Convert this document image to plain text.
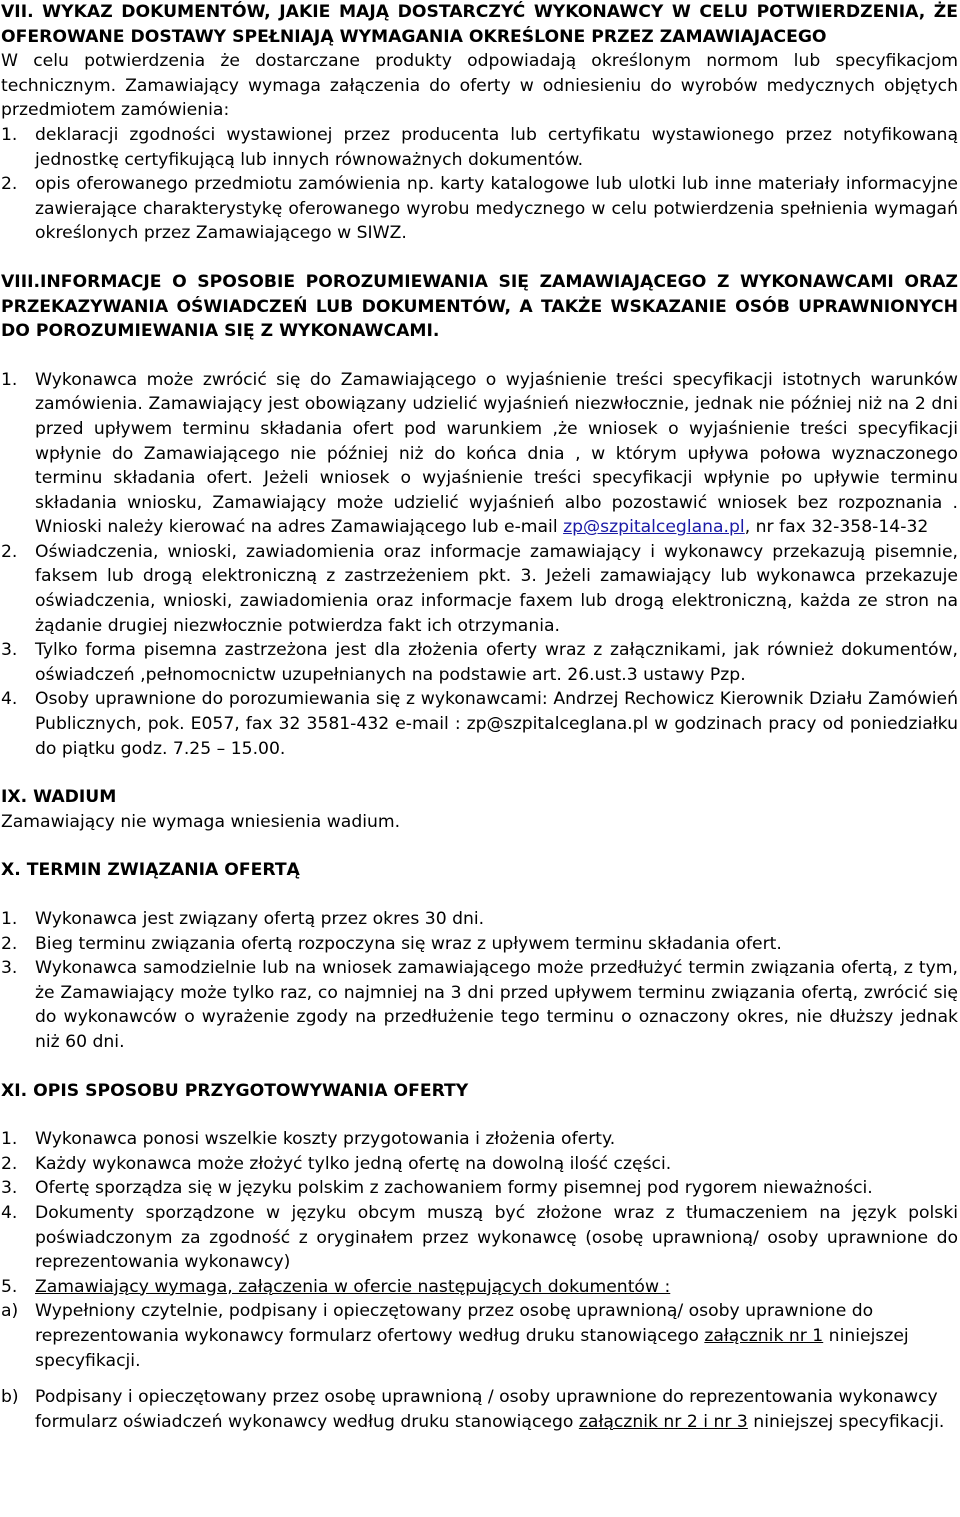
VII. WYKAZ DOKUMENTÓW, JAKIE MAJĄ DOSTARCZYĆ WYKONAWCY W CELU POTWIERDZENIA, ŻE OFEROWANE DOSTAWY SPEŁNIAJĄ WYMAGANIA OKREŚLONE PRZEZ ZAMAWIAJACEGO

W celu potwierdzenia że dostarczane produkty odpowiadają określonym normom lub specyfikacjom technicznym. Zamawiający wymaga załączenia do oferty w odniesieniu do wyrobów medycznych objętych przedmiotem zamówienia:

1.	deklaracji zgodności wystawionej przez producenta lub certyfikatu wystawionego przez notyfikowaną jednostkę certyfikującą lub innych równoważnych dokumentów.
2.	opis oferowanego przedmiotu zamówienia np. karty katalogowe lub ulotki lub inne materiały informacyjne zawierające charakterystykę oferowanego wyrobu medycznego w celu potwierdzenia spełnienia wymagań określonych przez Zamawiającego w SIWZ.
VIII.INFORMACJE O SPOSOBIE POROZUMIEWANIA SIĘ ZAMAWIAJĄCEGO Z WYKONAWCAMI ORAZ PRZEKAZYWANIA OŚWIADCZEŃ LUB DOKUMENTÓW, A TAKŻE WSKAZANIE OSÓB UPRAWNIONYCH DO POROZUMIEWANIA SIĘ Z WYKONAWCAMI.
1.	Wykonawca może zwrócić się do Zamawiającego o wyjaśnienie treści specyfikacji istotnych warunków zamówienia. Zamawiający jest obowiązany udzielić wyjaśnień niezwłocznie, jednak nie później niż na 2 dni przed upływem terminu składania ofert pod warunkiem ,że wniosek o wyjaśnienie treści specyfikacji wpłynie do Zamawiającego nie później niż do końca dnia , w którym upływa połowa wyznaczonego terminu składania ofert. Jeżeli wniosek o wyjaśnienie treści specyfikacji wpłynie po upływie terminu składania wniosku, Zamawiający może udzielić wyjaśnień albo pozostawić wniosek bez rozpoznania . Wnioski należy kierować na adres Zamawiającego lub e-mail zp@szpitalceglana.pl, nr fax 32-358-14-32
2.	Oświadczenia, wnioski, zawiadomienia oraz informacje zamawiający i wykonawcy przekazują pisemnie, faksem lub drogą elektroniczną z zastrzeżeniem pkt. 3. Jeżeli zamawiający lub wykonawca przekazuje oświadczenia, wnioski, zawiadomienia oraz informacje faxem lub drogą elektroniczną, każda ze stron na żądanie drugiej niezwłocznie potwierdza fakt ich otrzymania.
3.	Tylko forma pisemna zastrzeżona jest dla złożenia oferty wraz z załącznikami, jak również dokumentów, oświadczeń ,pełnomocnictw uzupełnianych na podstawie art. 26.ust.3 ustawy Pzp.
4.	Osoby uprawnione do porozumiewania się z wykonawcami: Andrzej Rechowicz Kierownik Działu Zamówień Publicznych, pok. E057, fax 32 3581-432 e-mail : zp@szpitalceglana.pl w godzinach pracy od poniedziałku do piątku godz. 7.25 – 15.00.
IX. WADIUM

Zamawiający nie wymaga wniesienia wadium.

X. TERMIN ZWIĄZANIA OFERTĄ
1.	Wykonawca jest związany ofertą przez okres 30 dni.
2.	Bieg terminu związania ofertą rozpoczyna się wraz z upływem terminu składania ofert.
3.	Wykonawca samodzielnie lub na wniosek zamawiającego może przedłużyć termin związania ofertą, z tym, że Zamawiający może tylko raz, co najmniej na 3 dni przed upływem terminu związania ofertą, zwrócić się do wykonawców o wyrażenie zgody na przedłużenie tego terminu o oznaczony okres, nie dłuższy jednak niż 60 dni.
XI. OPIS SPOSOBU PRZYGOTOWYWANIA OFERTY
1.	Wykonawca ponosi wszelkie koszty przygotowania i złożenia oferty.
2.	Każdy wykonawca może złożyć tylko jedną ofertę na dowolną ilość części.
3.	Ofertę sporządza się w języku polskim z zachowaniem formy pisemnej pod rygorem nieważności.
4.	Dokumenty sporządzone w języku obcym muszą być złożone wraz z tłumaczeniem na język polski poświadczonym za zgodność z oryginałem przez wykonawcę (osobę uprawnioną/ osoby uprawnione do reprezentowania wykonawcy)
5.	Zamawiający wymaga, załączenia w ofercie następujących dokumentów :
a) Wypełniony czytelnie, podpisany i opieczętowany przez osobę uprawnioną/ osoby uprawnione do reprezentowania wykonawcy formularz ofertowy według druku stanowiącego załącznik nr 1 niniejszej specyfikacji.
b) Podpisany i opieczętowany przez osobę uprawnioną / osoby uprawnione do reprezentowania wykonawcy formularz oświadczeń wykonawcy według druku stanowiącego załącznik nr 2 i nr 3 niniejszej specyfikacji.
